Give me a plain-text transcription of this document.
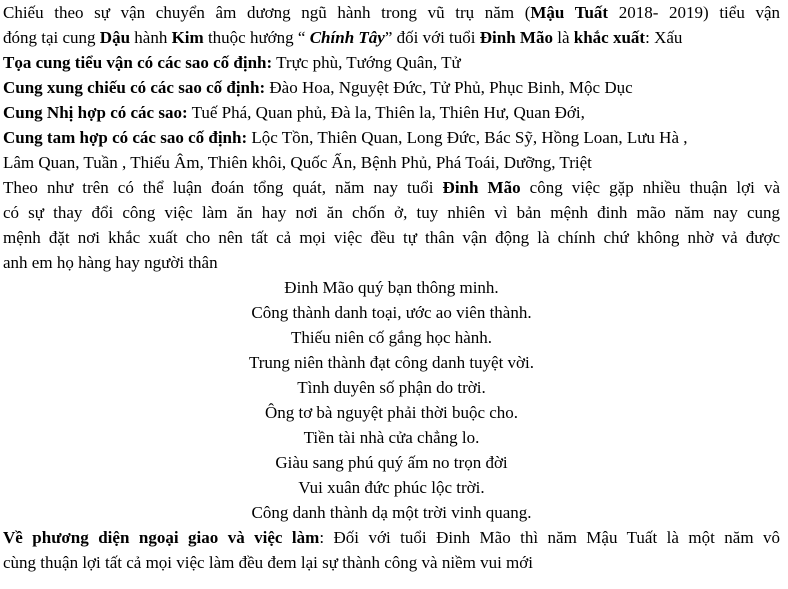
Chiếu theo sự vận chuyển âm dương ngũ hành trong vũ trụ năm (Mậu Tuất 2018- 2019) tiểu vận
đóng tại cung Dậu hành Kim thuộc hướng “ Chính Tây” đối với tuổi Đinh Mão là khắc xuất: Xấu
Tọa cung tiểu vận có các sao cố định: Trực phù, Tướng Quân, Tử
Cung xung chiếu có các sao cố định: Đào Hoa, Nguyệt Đức, Tử Phủ, Phục Binh, Mộc Dục
Cung Nhị hợp có các sao: Tuế Phá, Quan phủ, Đà la, Thiên la, Thiên Hư, Quan Đới,
Cung tam hợp có các sao cố định: Lộc Tồn, Thiên Quan, Long Đức, Bác Sỹ, Hồng Loan, Lưu Hà ,
Lâm Quan, Tuần , Thiếu Âm, Thiên khôi, Quốc Ấn, Bệnh Phủ, Phá Toái, Dưỡng, Triệt
Theo như trên có thể luận đoán tổng quát, năm nay tuổi Đinh Mão công việc gặp nhiều thuận lợi và
có sự thay đổi công việc làm ăn hay nơi ăn chốn ở, tuy nhiên vì bản mệnh đinh mão năm nay cung
mệnh đặt nơi khắc xuất cho nên tất cả mọi việc đều tự thân vận động là chính chứ không nhờ vả được
anh em họ hàng hay người thân
Đinh Mão quý bạn thông minh.
Công thành danh toại, ước ao viên thành.
Thiếu niên cố gắng học hành.
Trung niên thành đạt công danh tuyệt vời.
Tình duyên số phận do trời.
Ông tơ bà nguyệt phải thời buộc cho.
Tiền tài nhà cửa chẳng lo.
Giàu sang phú quý ấm no trọn đời
Vui xuân đức phúc lộc trời.
Công danh thành dạ một trời vinh quang.
Về phương diện ngoại giao và việc làm: Đối với tuổi Đinh Mão thì năm Mậu Tuất là một năm vô
cùng thuận lợi tất cả mọi việc làm đều đem lại sự thành công và niềm vui mới
